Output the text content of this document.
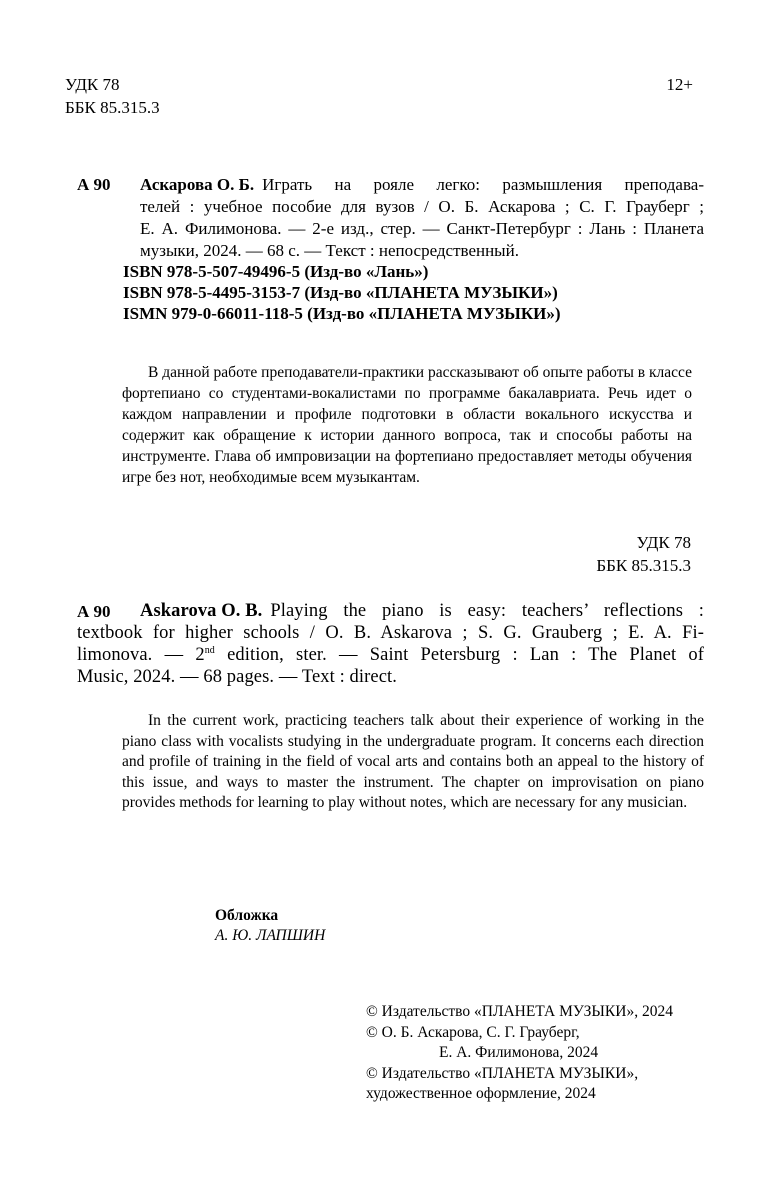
УДК 78
ББК 85.315.3
12+
А 90 Аскарова О. Б. Играть на рояле легко: размышления преподава-
телей : учебное пособие для вузов / О. Б. Аскарова ; С. Г. Грауберг ;
Е. А. Филимонова. — 2-е изд., стер. — Санкт-Петербург : Лань : Планета
музыки, 2024. — 68 с. — Текст : непосредственный.
ISBN 978-5-507-49496-5 (Изд-во «Лань»)
ISBN 978-5-4495-3153-7 (Изд-во «ПЛАНЕТА МУЗЫКИ»)
ISMN 979-0-66011-118-5 (Изд-во «ПЛАНЕТА МУЗЫКИ»)
В данной работе преподаватели-практики рассказывают об опыте работы в классе фортепиано со студентами-вокалистами по программе бакалавриата. Речь идет о каждом направлении и профиле подготовки в области вокального искусства и содержит как обращение к истории данного вопроса, так и способы работы на инструменте. Глава об импровизации на фортепиано предоставляет методы обучения игре без нот, необходимые всем музыкантам.
УДК 78
ББК 85.315.3
А 90 Askarova O. B. Playing the piano is easy: teachers’ reflections :
textbook for higher schools / O. B. Askarova ; S. G. Grauberg ; E. A. Fi-
limonova. — 2nd edition, ster. — Saint Petersburg : Lan : The Planet of
Music, 2024. — 68 pages. — Text : direct.
In the current work, practicing teachers talk about their experience of working in the piano class with vocalists studying in the undergraduate program. It concerns each direction and profile of training in the field of vocal arts and contains both an appeal to the history of this issue, and ways to master the instrument. The chapter on improvisation on piano provides methods for learning to play without notes, which are necessary for any musician.
Обложка
А. Ю. ЛАПШИН
© Издательство «ПЛАНЕТА МУЗЫКИ», 2024
© О. Б. Аскарова, С. Г. Грауберг,
Е. А. Филимонова, 2024
© Издательство «ПЛАНЕТА МУЗЫКИ»,
художественное оформление, 2024
